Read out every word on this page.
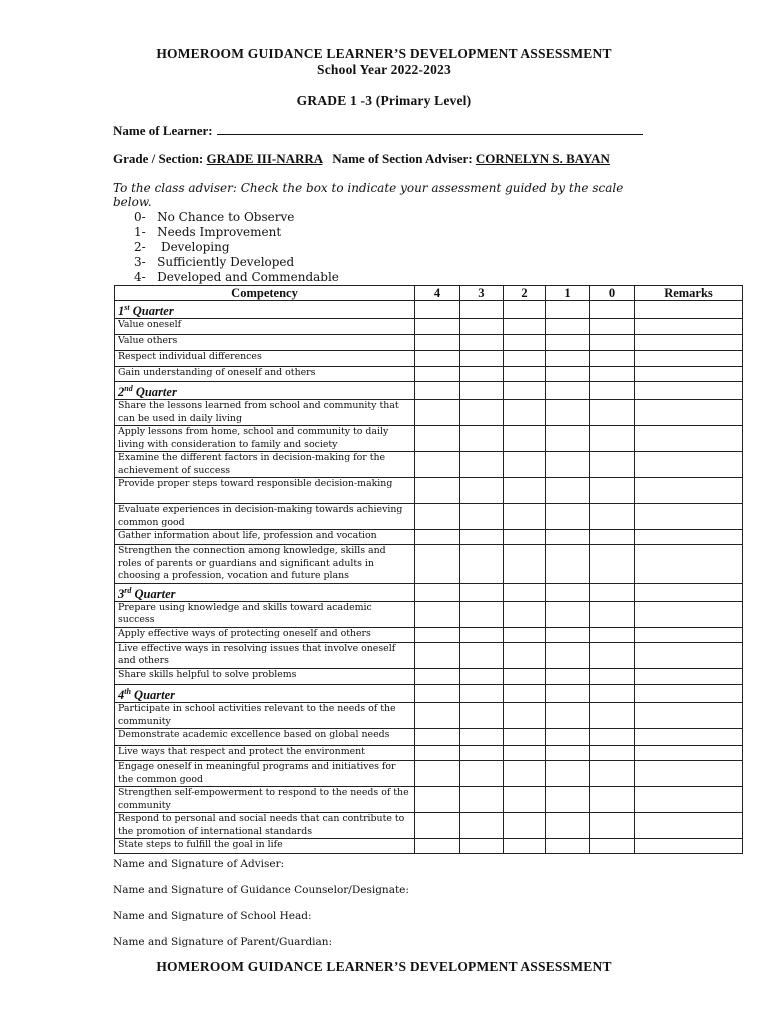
HOMEROOM GUIDANCE LEARNER’S DEVELOPMENT ASSESSMENT
School Year 2022-2023
GRADE 1 -3 (Primary Level)
Name of Learner:
Grade / Section: GRADE III-NARRA Name of Section Adviser: CORNELYN S. BAYAN
To the class adviser: Check the box to indicate your assessment guided by the scale below.
0-   No Chance to Observe
1-   Needs Improvement
2-    Developing
3-   Sufficiently Developed
4-   Developed and Commendable
Competency	4	3	2	1	0	Remarks
1st Quarter						
Value oneself						
Value others						
Respect individual differences						
Gain understanding of oneself and others						
2nd Quarter						
Share the lessons learned from school and community that can be used in daily living						
Apply lessons from home, school and community to daily living with consideration to family and society						
Examine the different factors in decision-making for the achievement of success						
Provide proper steps toward responsible decision-making						
Evaluate experiences in decision-making towards achieving common good						
Gather information about life, profession and vocation						
Strengthen the connection among knowledge, skills and roles of parents or guardians and significant adults in choosing a profession, vocation and future plans						
3rd Quarter						
Prepare using knowledge and skills toward academic success						
Apply effective ways of protecting oneself and others						
Live effective ways in resolving issues that involve oneself and others						
Share skills helpful to solve problems						
4th Quarter						
Participate in school activities relevant to the needs of the community						
Demonstrate academic excellence based on global needs						
Live ways that respect and protect the environment						
Engage oneself in meaningful programs and initiatives for the common good						
Strengthen self-empowerment to respond to the needs of the community						
Respond to personal and social needs that can contribute to the promotion of international standards						
State steps to fulfill the goal in life						
Name and Signature of Adviser:
Name and Signature of Guidance Counselor/Designate:
Name and Signature of School Head:
Name and Signature of Parent/Guardian:
HOMEROOM GUIDANCE LEARNER’S DEVELOPMENT ASSESSMENT
